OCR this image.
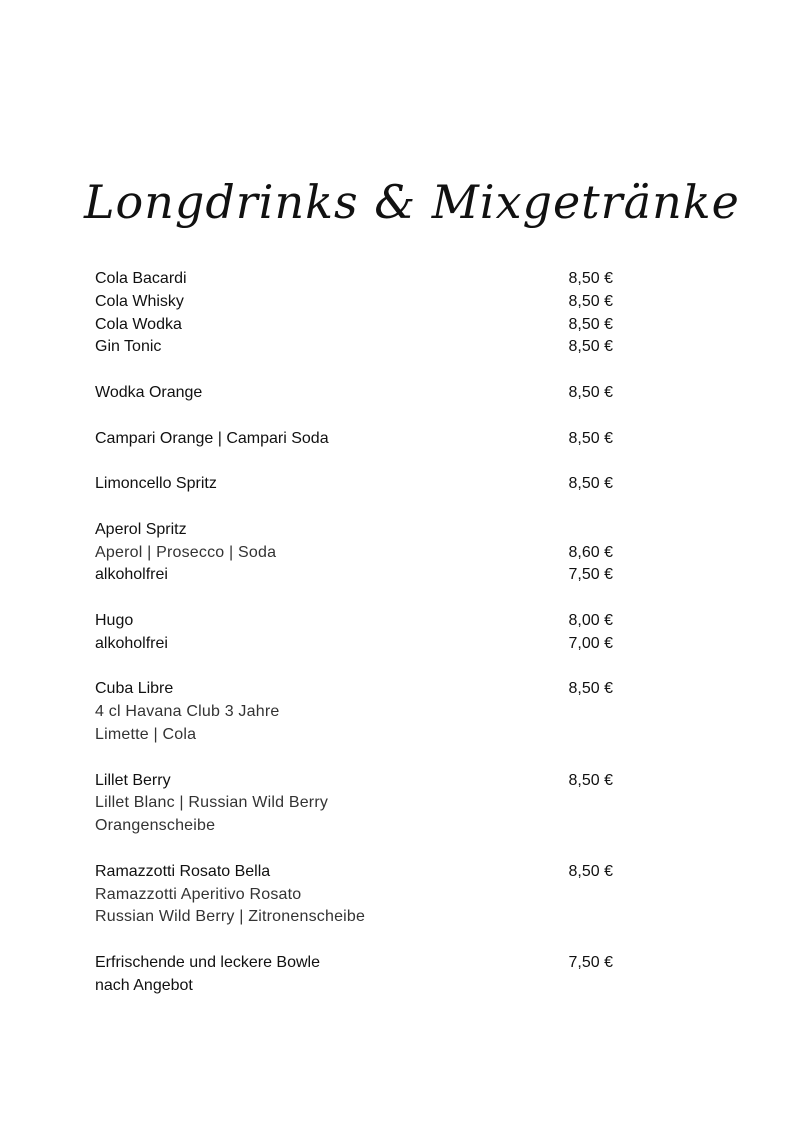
Longdrinks & Mixgetränke
Cola Bacardi	8,50 €
Cola Whisky	8,50 €
Cola Wodka	8,50 €
Gin Tonic	8,50 €
Wodka Orange	8,50 €
Campari Orange | Campari Soda	8,50 €
Limoncello Spritz	8,50 €
Aperol Spritz
Aperol | Prosecco | Soda	8,60 €
alkoholfrei	7,50 €
Hugo	8,00 €
alkoholfrei	7,00 €
Cuba Libre	8,50 €
4 cl Havana Club 3 Jahre
Limette | Cola
Lillet Berry	8,50 €
Lillet Blanc | Russian Wild Berry
Orangenscheibe
Ramazzotti Rosato Bella	8,50 €
Ramazzotti Aperitivo Rosato
Russian Wild Berry | Zitronenscheibe
Erfrischende und leckere Bowle	7,50 €
nach Angebot
